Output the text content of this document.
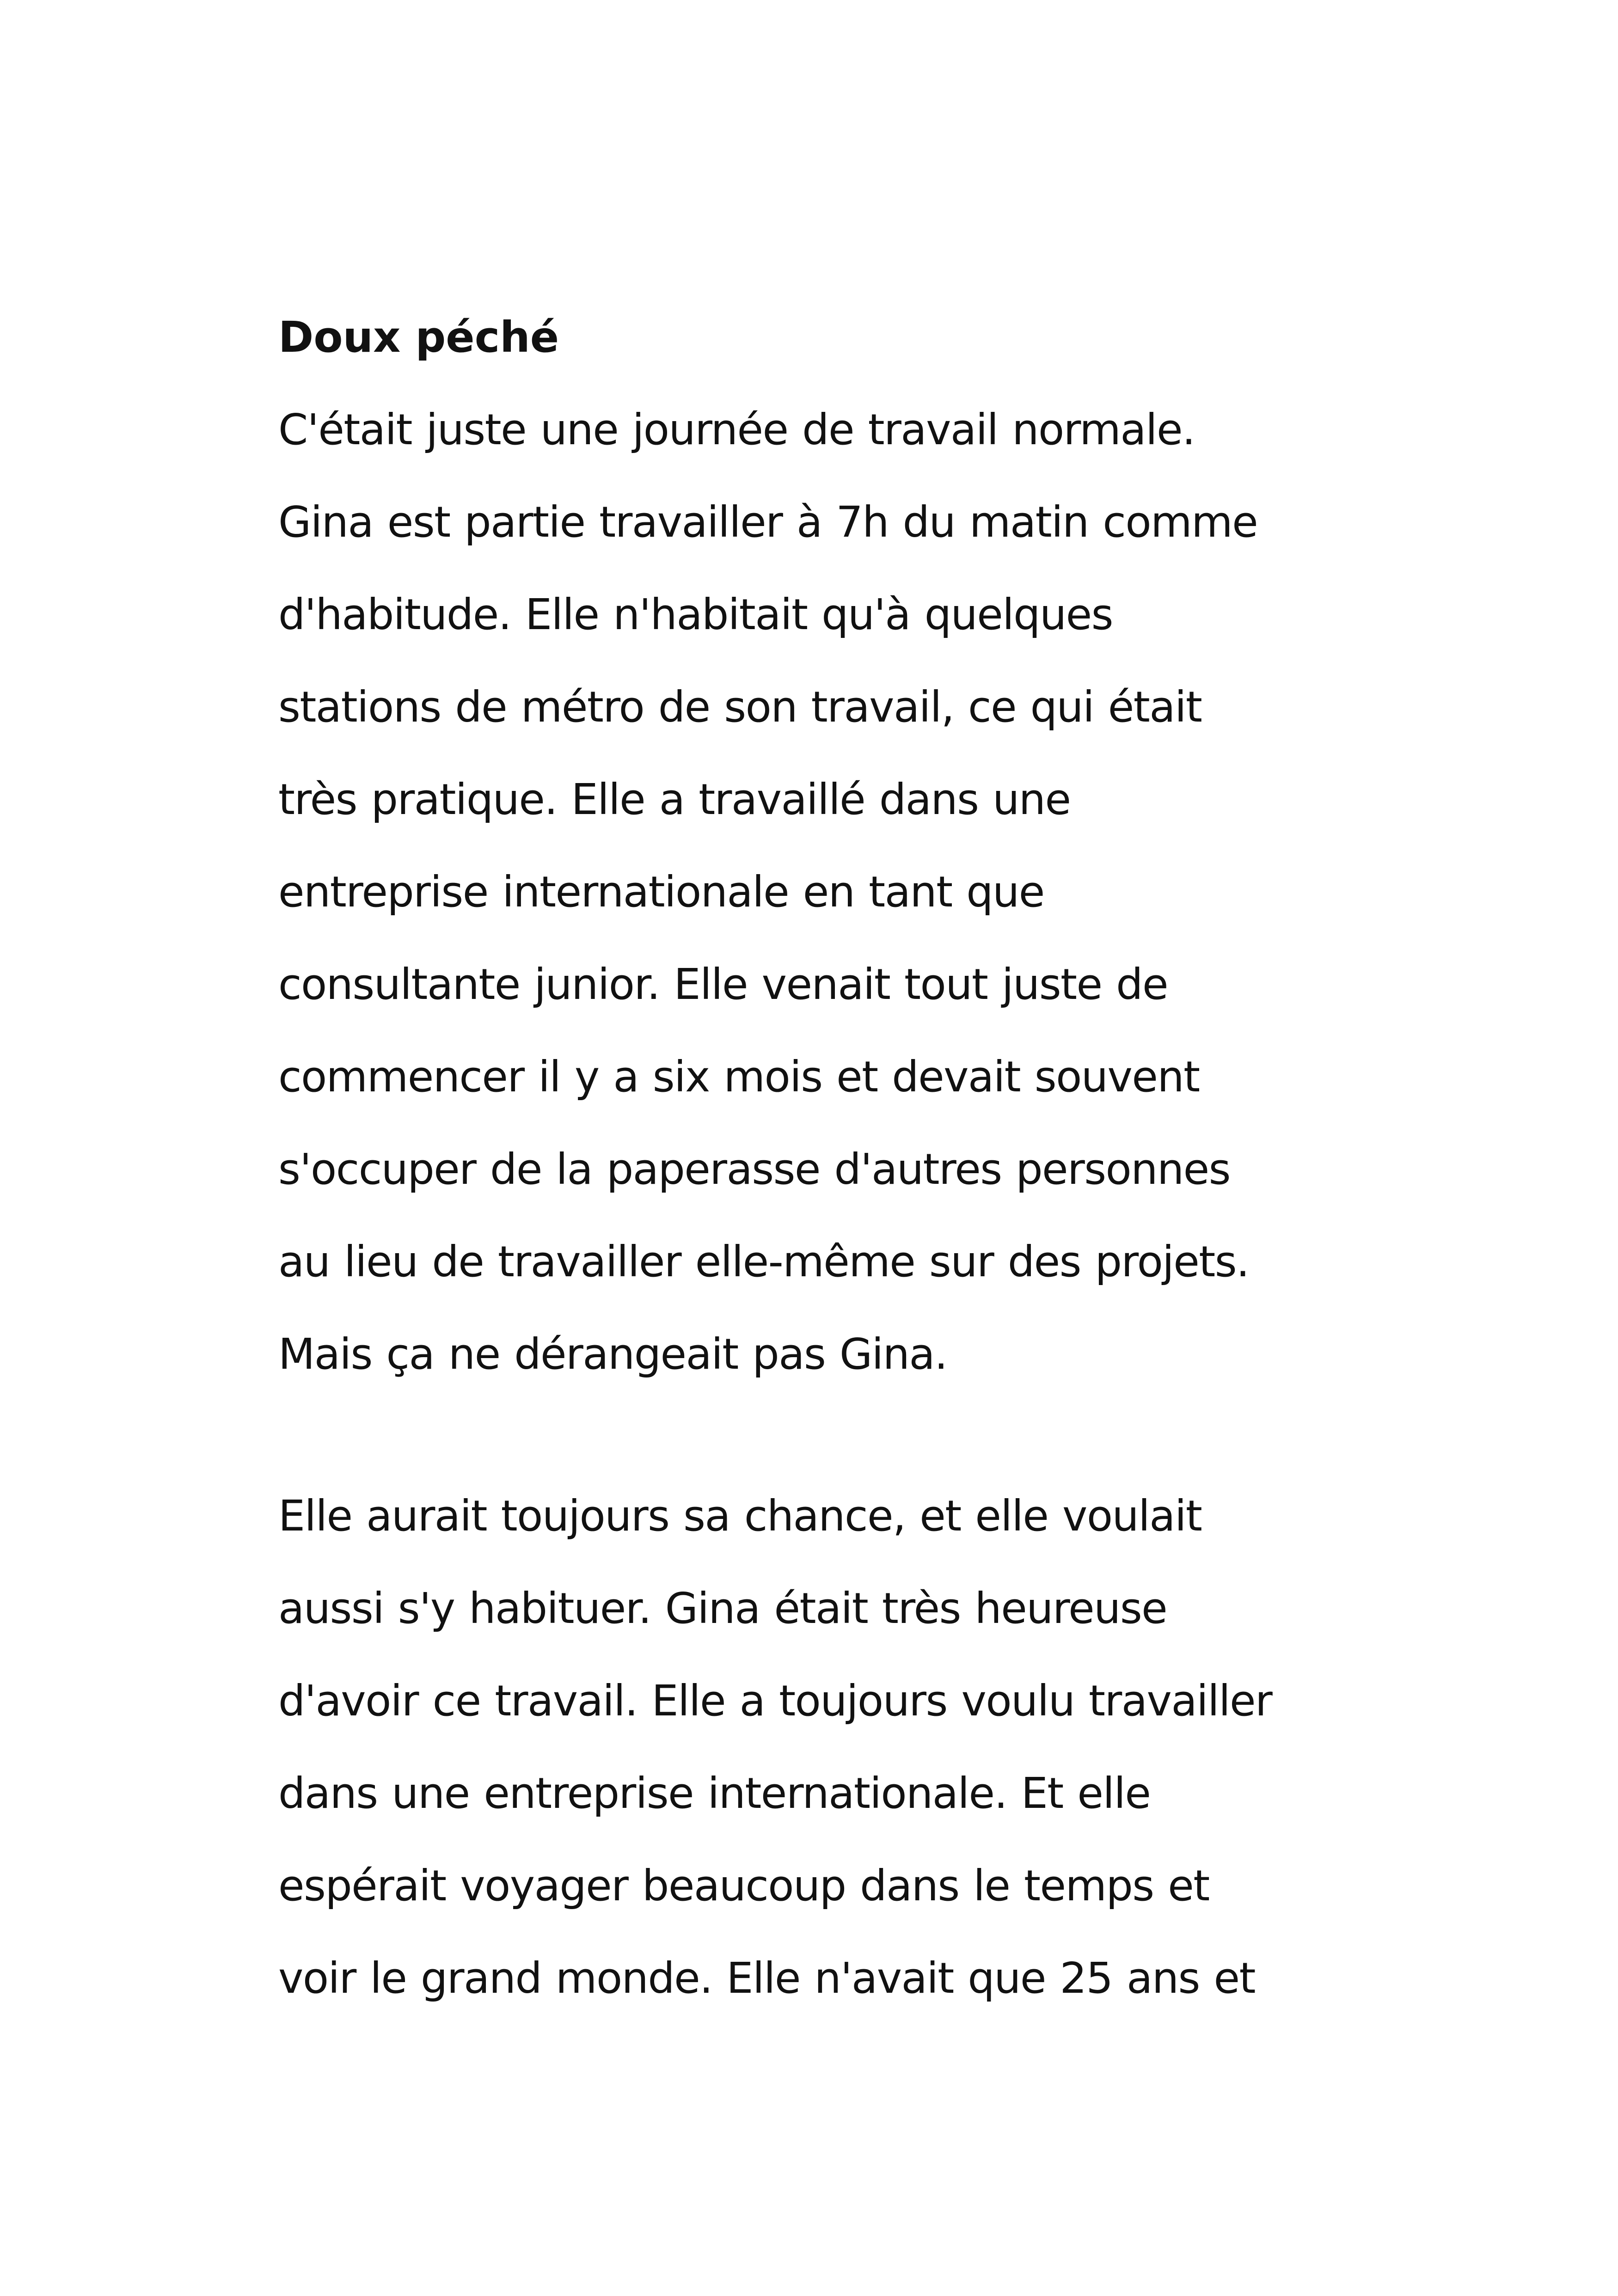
Doux péché
C'était juste une journée de travail normale.
Gina est partie travailler à 7h du matin comme
d'habitude. Elle n'habitait qu'à quelques
stations de métro de son travail, ce qui était
très pratique. Elle a travaillé dans une
entreprise internationale en tant que
consultante junior. Elle venait tout juste de
commencer il y a six mois et devait souvent
s'occuper de la paperasse d'autres personnes
au lieu de travailler elle-même sur des projets.
Mais ça ne dérangeait pas Gina.
Elle aurait toujours sa chance, et elle voulait
aussi s'y habituer. Gina était très heureuse
d'avoir ce travail. Elle a toujours voulu travailler
dans une entreprise internationale. Et elle
espérait voyager beaucoup dans le temps et
voir le grand monde. Elle n'avait que 25 ans et
